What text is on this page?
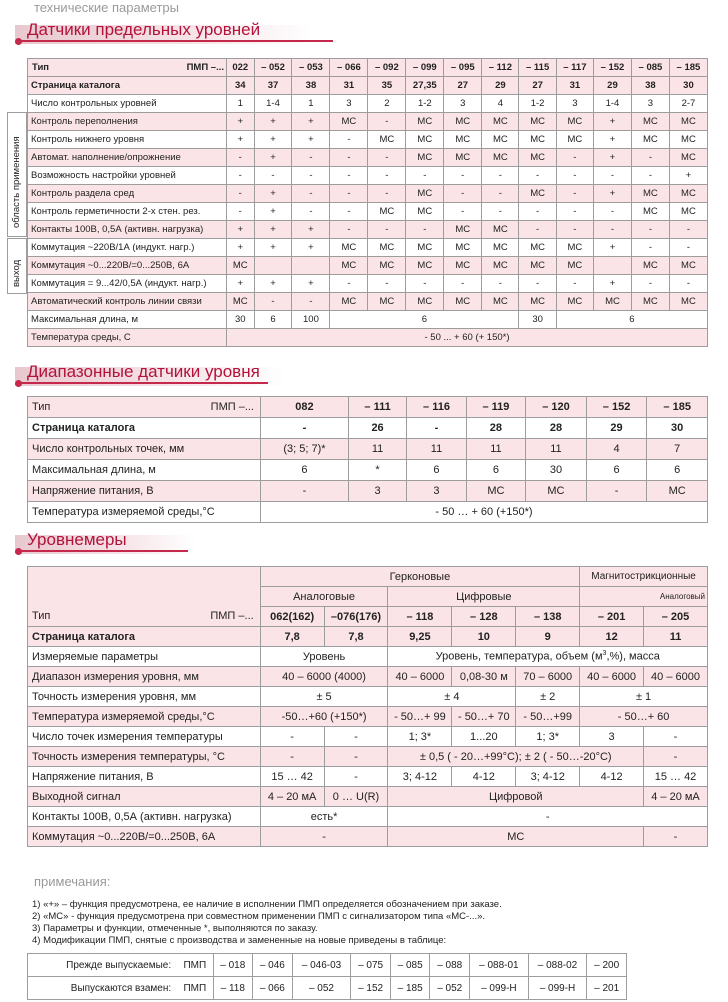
технические параметры
Датчики предельных уровней
область применения
выход
Тип	ПМП –...	022	– 052	– 053	– 066	– 092	– 099	– 095	– 112	– 115	– 117	– 152	– 085	– 185
Страница каталога		34	37	38	31	35	27,35	27	29	27	31	29	38	30
Число контрольных уровней		1	1-4	1	3	2	1-2	3	4	1-2	3	1-4	3	2-7
Контроль переполнения		+	+	+	МС	-	МС	МС	МС	МС	МС	+	МС	МС
Контроль нижнего уровня		+	+	+	-	МС	МС	МС	МС	МС	МС	+	МС	МС
Автомат. наполнение/опрожнение		-	+	-	-	-	МС	МС	МС	МС	-	+	-	МС
Возможность настройки уровней		-	-	-	-	-	-	-	-	-	-	-	-	+
Контроль раздела сред		-	+	-	-	-	МС	-	-	МС	-	+	МС	МС
Контроль герметичности 2-х стен. рез.		-	+	-	-	МС	МС	-	-	-	-	-	МС	МС
Контакты 100В, 0,5А (активн. нагрузка)		+	+	+	-	-	-	МС	МС	-	-	-	-	-
Коммутация ~220В/1А (индукт. нагр.)		+	+	+	МС	МС	МС	МС	МС	МС	МС	+	-	-
Коммутация ~0...220В/=0...250В, 6А		МС			МС	МС	МС	МС	МС	МС	МС		МС	МС
Коммутация = 9...42/0,5А (индукт. нагр.)		+	+	+	-	-	-	-	-	-	-	+	-	-
Автоматический контроль линии связи		МС	-	-	МС	МС	МС	МС	МС	МС	МС	МС	МС	МС
Максимальная длина, м		30	6	100	6					30	6			
Температура среды, С		- 50 ... + 60 (+ 150*)												
Диапазонные датчики уровня
Тип ПМП –...	082	– 111	– 116	– 119	– 120	– 152	– 185
Страница каталога	-	26	-	28	28	29	30
Число контрольных точек, мм	(3; 5; 7)*	11	11	11	11	4	7
Максимальная длина, м	6	*	6	6	30	6	6
Напряжение питания, В	-	3	3	МС	МС	-	МС
Температура измеряемой среды,°С	- 50 … + 60 (+150*)						
Уровнемеры
	Герконовые					Магнитострикционные	
	Аналоговые		Цифровые			Аналоговый	
Тип ПМП –...	062(162)	–076(176)	– 118	– 128	– 138	– 201	– 205
Страница каталога	7,8	7,8	9,25	10	9	12	11
Измеряемые параметры	Уровень		Уровень, температура, объем $(м^3,\%)$, масса				
Диапазон измерения уровня, мм	40 – 6000 (4000)		40 – 6000	0,08-30 м	70 – 6000	40 – 6000	40 – 6000
Точность измерения уровня, мм	± 5		± 4		± 2	± 1	
Температура измеряемой среды,°С	-50…+60 (+150*)		- 50…+ 99	- 50…+ 70	- 50…+99	- 50…+ 60	
Число точек измерения температуры	-	-	1; 3*	1...20	1; 3*	3	-
Точность измерения температуры, °С	-	-	± 0,5 ( - 20…+99°С); ± 2 ( - 50…-20°С)				-
Напряжение питания, В	15 … 42	-	3; 4-12	4-12	3; 4-12	4-12	15 … 42
Выходной сигнал	4 – 20 мА	0 … U(R)	Цифровой				4 – 20 мА
Контакты 100В, 0,5А (активн. нагрузка)	есть*		-				
Коммутация ~0...220В/=0...250В, 6А	-		МС				-
примечания:
1) «+» – функция предусмотрена, ее наличие в исполнении ПМП определяется обозначением при заказе.
2) «МС» - функция предусмотрена при совместном применении ПМП с сигнализатором типа «МС-...».
3) Параметры и функции, отмеченные *, выполняются по заказу.
4) Модификации ПМП, снятые с производства и замененные на новые приведены в таблице:
Прежде выпускаемые:	ПМП	– 018	– 046	– 046-03	– 075	– 085	– 088	– 088-01	– 088-02	– 200
Выпускаются взамен:	ПМП	– 118	– 066	– 052	– 152	– 185	– 052	– 099-Н	– 099-Н	– 201
